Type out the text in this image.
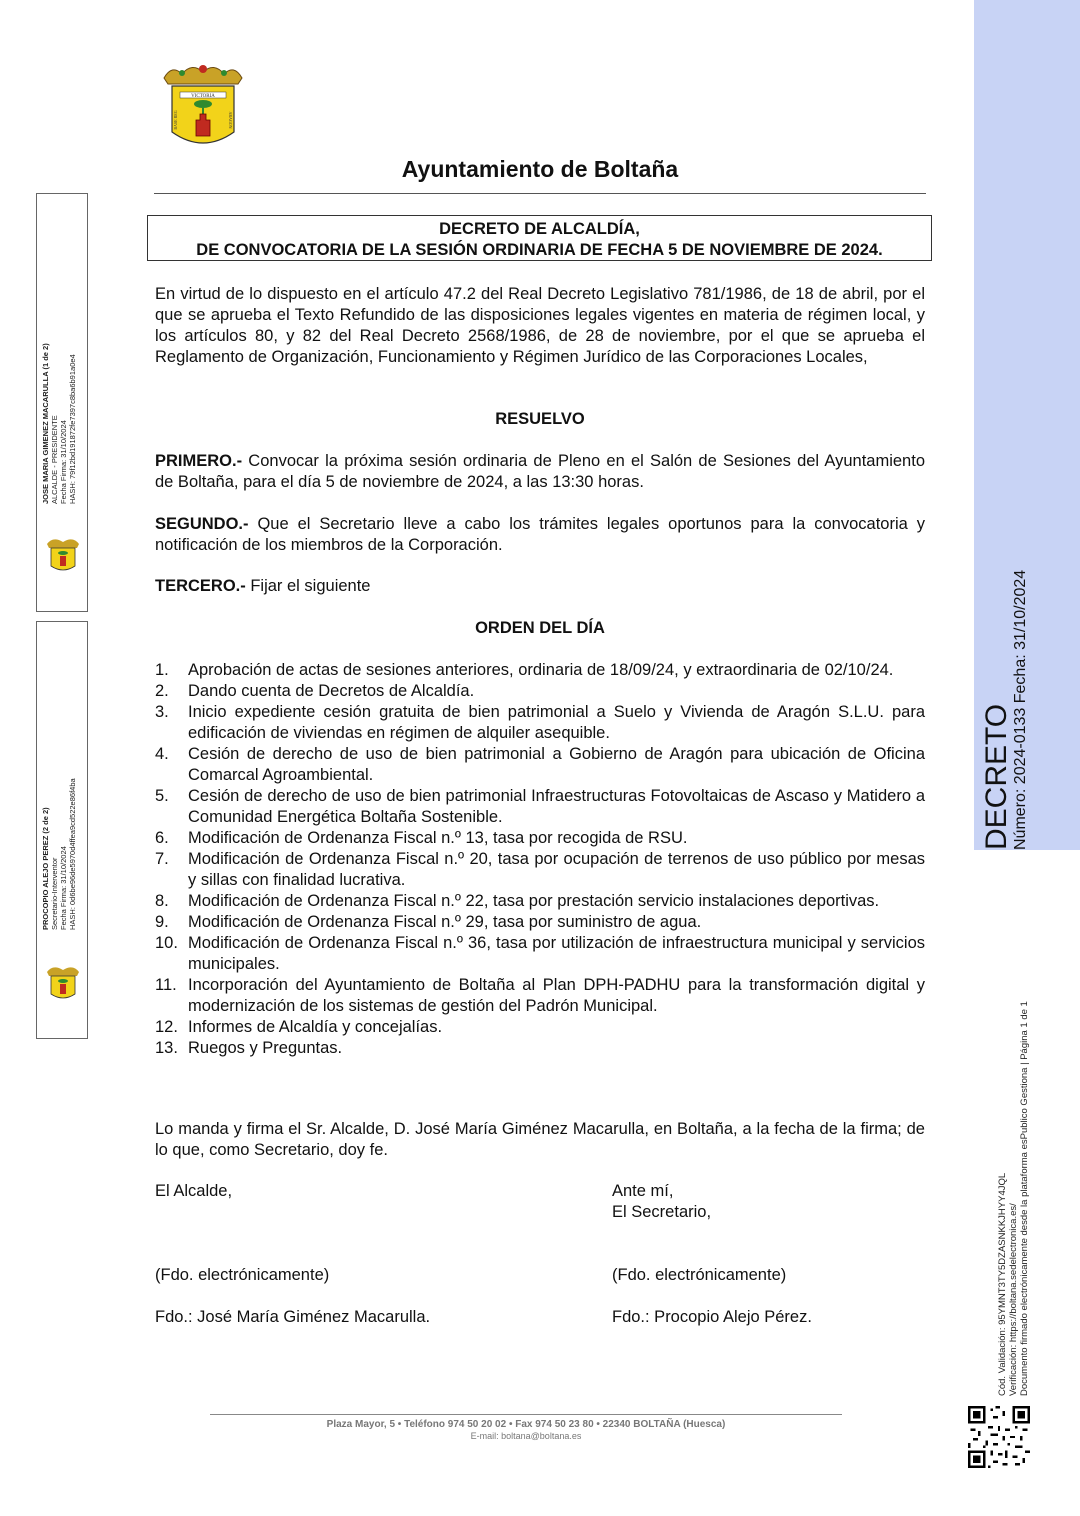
VICTORIA
BASE REG	ARAGON
Ayuntamiento de Boltaña
DECRETO DE ALCALDÍA,
DE CONVOCATORIA DE LA SESIÓN ORDINARIA DE FECHA 5 DE NOVIEMBRE DE 2024.
En virtud de lo dispuesto en el artículo 47.2 del Real Decreto Legislativo 781/1986, de 18 de abril, por el que se aprueba el Texto Refundido de las disposiciones legales vigentes en materia de régimen local, y los artículos 80, y 82 del Real Decreto 2568/1986, de 28 de noviembre, por el que se aprueba el Reglamento de Organización, Funcionamiento y Régimen Jurídico de las Corporaciones Locales,
RESUELVO
PRIMERO.- Convocar la próxima sesión ordinaria de Pleno en el Salón de Sesiones del Ayuntamiento de Boltaña, para el día 5 de noviembre de 2024, a las 13:30 horas.
SEGUNDO.- Que el Secretario lleve a cabo los trámites legales oportunos para la convocatoria y notificación de los miembros de la Corporación.
TERCERO.- Fijar el siguiente
ORDEN DEL DÍA
1. Aprobación de actas de sesiones anteriores, ordinaria de 18/09/24, y extraordinaria de 02/10/24.
2. Dando cuenta de Decretos de Alcaldía.
3. Inicio expediente cesión gratuita de bien patrimonial a Suelo y Vivienda de Aragón S.L.U. para edificación de viviendas en régimen de alquiler asequible.
4. Cesión de derecho de uso de bien patrimonial a Gobierno de Aragón para ubicación de Oficina Comarcal Agroambiental.
5. Cesión de derecho de uso de bien patrimonial Infraestructuras Fotovoltaicas de Ascaso y Matidero a Comunidad Energética Boltaña Sostenible.
6. Modificación de Ordenanza Fiscal n.º 13, tasa por recogida de RSU.
7. Modificación de Ordenanza Fiscal n.º 20, tasa por ocupación de terrenos de uso público por mesas y sillas con finalidad lucrativa.
8. Modificación de Ordenanza Fiscal n.º 22, tasa por prestación servicio instalaciones deportivas.
9. Modificación de Ordenanza Fiscal n.º 29, tasa por suministro de agua.
10. Modificación de Ordenanza Fiscal n.º 36, tasa por utilización de infraestructura municipal y servicios municipales.
11. Incorporación del Ayuntamiento de Boltaña al Plan DPH-PADHU para la transformación digital y modernización de los sistemas de gestión del Padrón Municipal.
12. Informes de Alcaldía y concejalías.
13. Ruegos y Preguntas.
Lo manda y firma el Sr. Alcalde, D. José María Giménez Macarulla, en Boltaña, a la fecha de la firma; de lo que, como Secretario, doy fe.
El Alcalde,	Ante mí,
El Secretario,
(Fdo. electrónicamente)	(Fdo. electrónicamente)
Fdo.: José María Giménez Macarulla.	Fdo.: Procopio Alejo Pérez.
JOSE MARIA GIMENEZ MACARULLA (1 de 2) ALCALDE - PRESIDENTE Fecha Firma: 31/10/2024 HASH: 79f12bd191872fe7397c8ba6b91a0e4
PROCOPIO ALEJO PEREZ (2 de 2) Secretario-Interventor Fecha Firma: 31/10/2024 HASH: 0d6be96de5970d4ffea9cd522e86f4ba
DECRETO Número: 2024-0133 Fecha: 31/10/2024
Cód. Validación: 95YMNT3TY5DZASNKKJHYY4JQL Verificación: https://boltana.sedelectronica.es/ Documento firmado electrónicamente desde la plataforma esPublico Gestiona | Página 1 de 1
Plaza Mayor, 5 • Teléfono 974 50 20 02 • Fax 974 50 23 80 • 22340 BOLTAÑA (Huesca)
E-mail: boltana@boltana.es
